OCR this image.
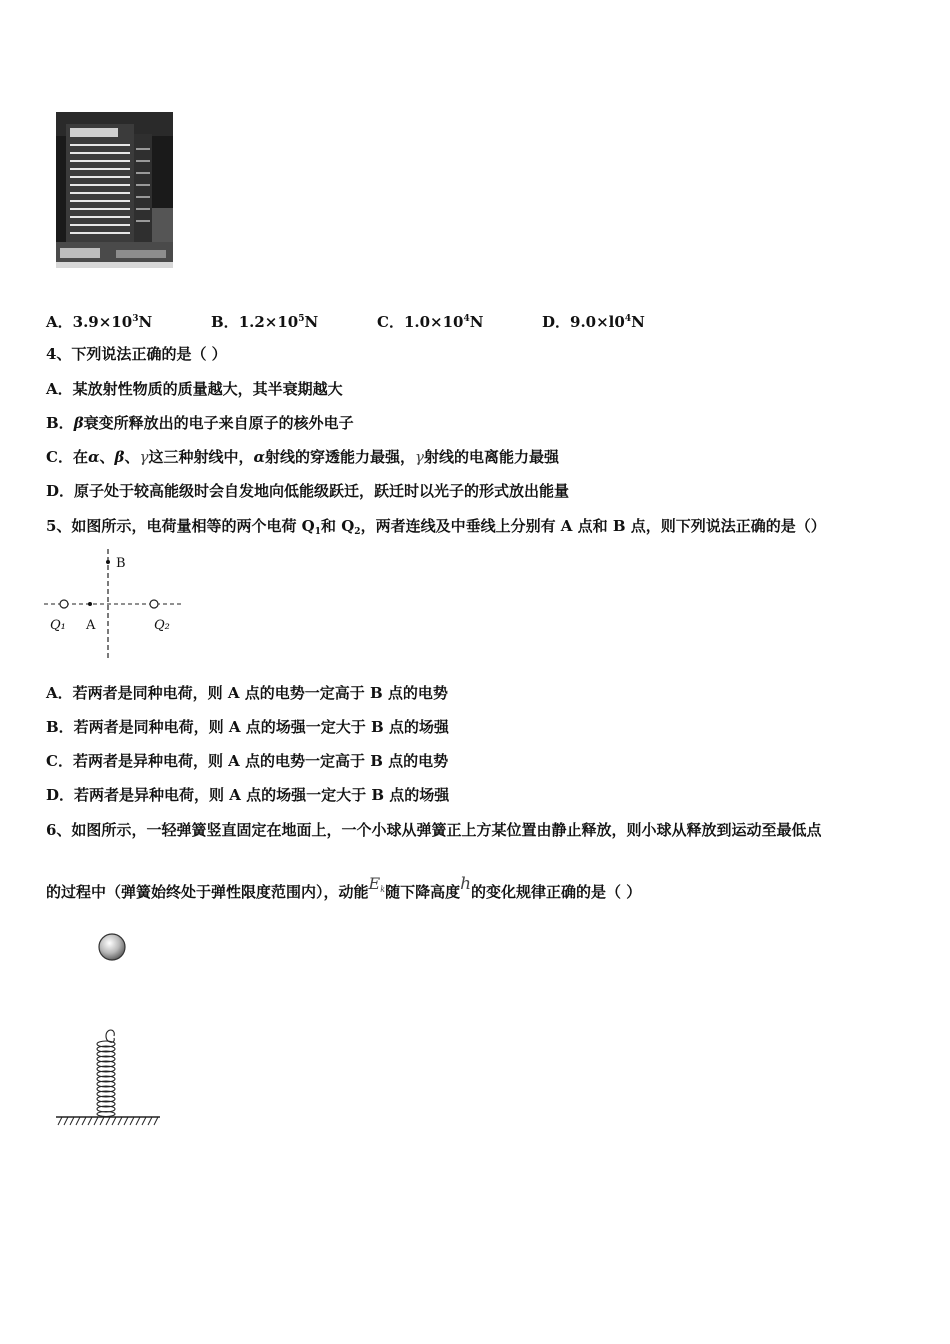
A．$3.9\times 10^3N$	B．$1.2\times 10^5N$	C．$1.0\times 10^4N$	D．$9.0\times l0^4N$
4、下列说法正确的是（ ）
A．某放射性物质的质量越大，其半衰期越大
B．β衰变所释放出的电子来自原子的核外电子
C．在α、β、γ这三种射线中，α射线的穿透能力最强，γ射线的电离能力最强
D．原子处于较高能级时会自发地向低能级跃迁，跃迁时以光子的形式放出能量
5、如图所示，电荷量相等的两个电荷 $Q_1$和 $Q_2$，两者连线及中垂线上分别有 A 点和 B 点，则下列说法正确的是（）
B
A
Q₁	Q₂
A．若两者是同种电荷，则 A 点的电势一定高于 B 点的电势
B．若两者是同种电荷，则 A 点的场强一定大于 B 点的场强
C．若两者是异种电荷，则 A 点的电势一定高于 B 点的电势
D．若两者是异种电荷，则 A 点的场强一定大于 B 点的场强
6、如图所示，一轻弹簧竖直固定在地面上，一个小球从弹簧正上方某位置由静止释放，则小球从释放到运动至最低点
的过程中（弹簧始终处于弹性限度范围内），动能$E_k$随下降高度h的变化规律正确的是（ ）
